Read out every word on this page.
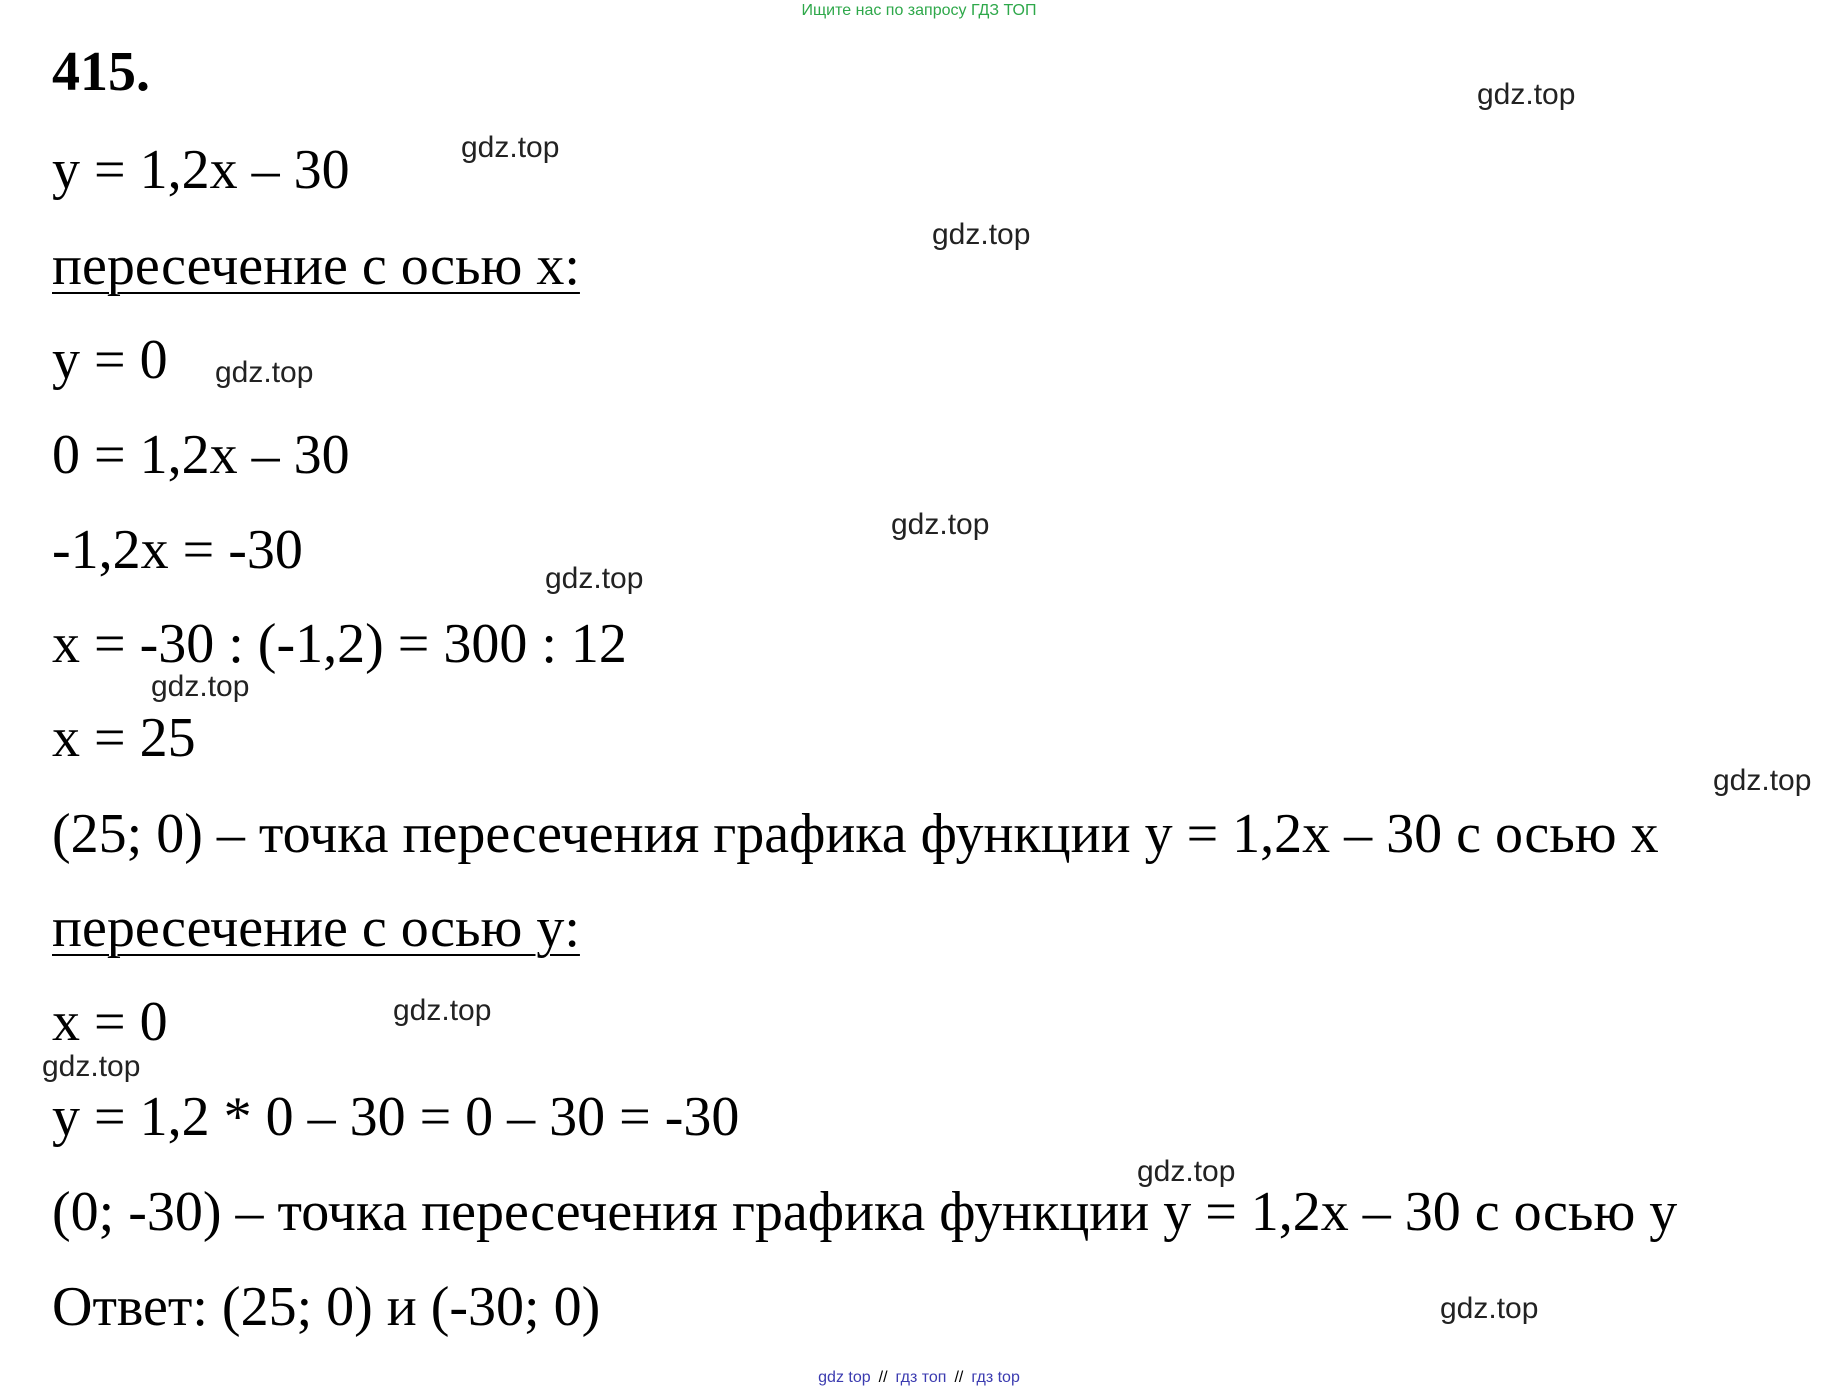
Ищите нас по запросу ГДЗ ТОП
415.
y = 1,2x – 30
пересечение с осью x:
y = 0
0 = 1,2x – 30
-1,2x = -30
x = -30 : (-1,2) = 300 : 12
x = 25
(25; 0) – точка пересечения графика функции y = 1,2x – 30 с осью x
пересечение с осью y:
x = 0
y = 1,2 * 0 – 30 = 0 – 30 = -30
(0; -30) – точка пересечения графика функции y = 1,2x – 30 с осью y
Ответ: (25; 0) и (-30; 0)
gdz.top
gdz.top
gdz.top
gdz.top
gdz.top
gdz.top
gdz.top
gdz.top
gdz.top
gdz.top
gdz.top
gdz.top
gdz top // гдз топ // гдз top
